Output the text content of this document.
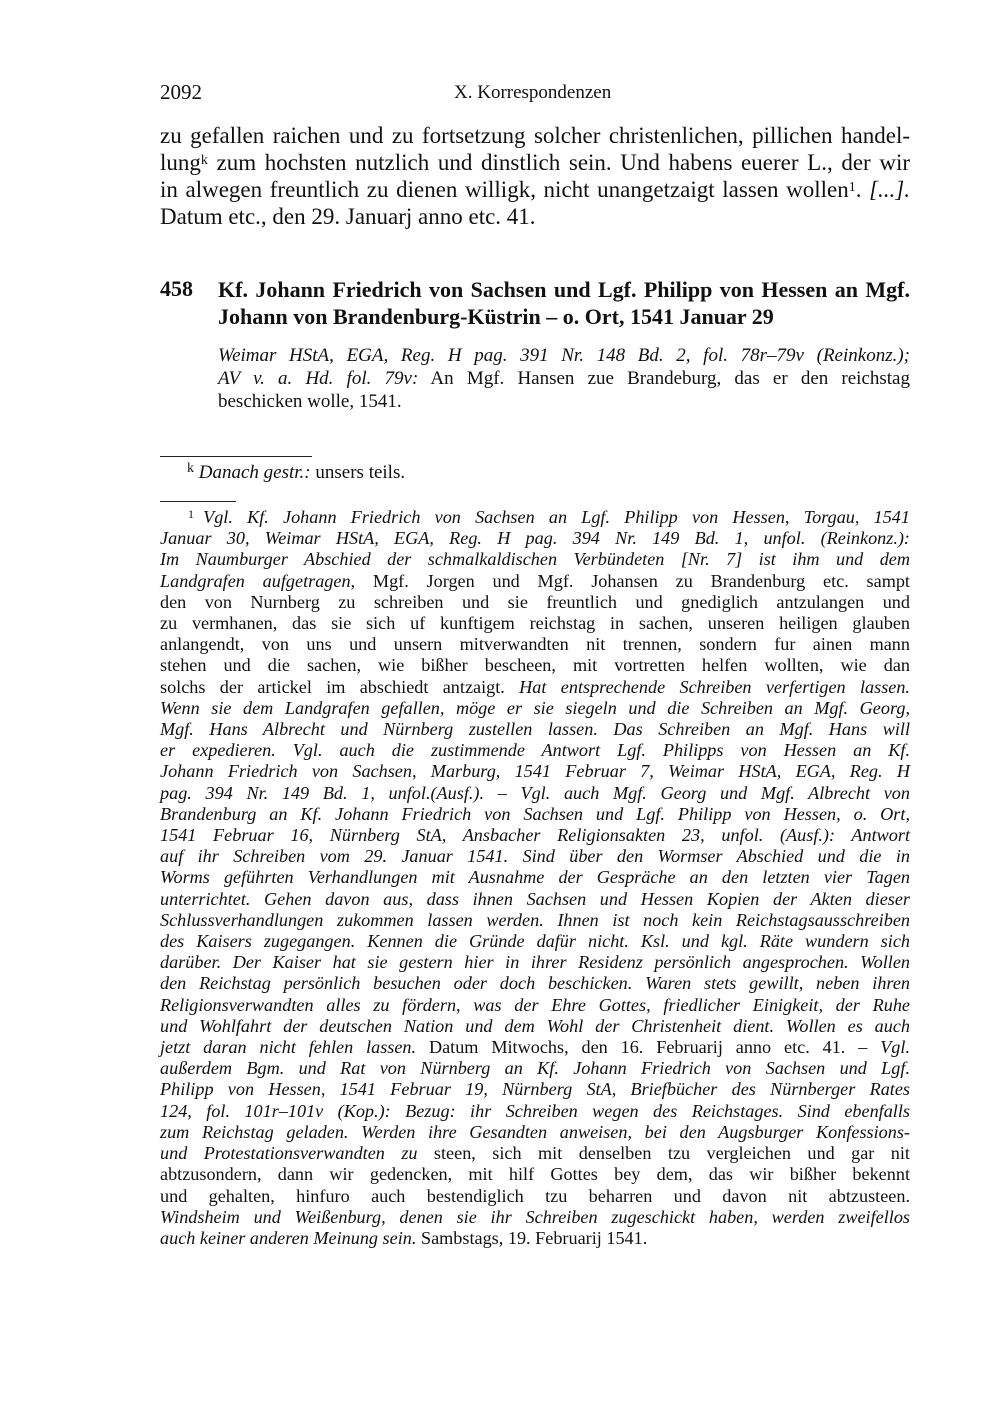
2092	X. Korrespondenzen
zu gefallen raichen und zu fortsetzung solcher christenlichen, pillichen handel-
lung$^k$ zum hochsten nutzlich und dinstlich sein. Und habens euerer L., der wir
in alwegen freuntlich zu dienen willigk, nicht unangetzaigt lassen wollen$^1$. [...].
Datum etc., den 29. Januarj anno etc. 41.
458 Kf. Johann Friedrich von Sachsen und Lgf. Philipp von Hessen an Mgf.
Johann von Brandenburg-Küstrin – o. Ort, 1541 Januar 29
Weimar HStA, EGA, Reg. H pag. 391 Nr. 148 Bd. 2, fol. 78r–79v (Reinkonz.);
AV v. a. Hd. fol. 79v: An Mgf. Hansen zue Brandeburg, das er den reichstag
beschicken wolle, 1541.
$^k$ Danach gestr.: unsers teils.
$^1$  Vgl. Kf. Johann Friedrich von Sachsen an Lgf. Philipp von Hessen, Torgau, 1541
Januar 30, Weimar HStA, EGA, Reg. H pag. 394 Nr. 149 Bd. 1, unfol. (Reinkonz.):
Im Naumburger Abschied der schmalkaldischen Verbündeten [Nr. 7] ist ihm und dem
Landgrafen aufgetragen, Mgf. Jorgen und Mgf. Johansen zu Brandenburg etc. sampt
den von Nurnberg zu schreiben und sie freuntlich und gnediglich antzulangen und
zu vermhanen, das sie sich uf kunftigem reichstag in sachen, unseren heiligen glauben
anlangendt, von uns und unsern mitverwandten nit trennen, sondern fur ainen mann
stehen und die sachen, wie bißher bescheen, mit vortretten helfen wollten, wie dan
solchs der artickel im abschiedt antzaigt. Hat entsprechende Schreiben verfertigen lassen.
Wenn sie dem Landgrafen gefallen, möge er sie siegeln und die Schreiben an Mgf. Georg,
Mgf. Hans Albrecht und Nürnberg zustellen lassen. Das Schreiben an Mgf. Hans will
er expedieren. Vgl. auch die zustimmende Antwort Lgf. Philipps von Hessen an Kf.
Johann Friedrich von Sachsen, Marburg, 1541 Februar 7, Weimar HStA, EGA, Reg. H
pag. 394 Nr. 149 Bd. 1, unfol.(Ausf.). – Vgl. auch Mgf. Georg und Mgf. Albrecht von
Brandenburg an Kf. Johann Friedrich von Sachsen und Lgf. Philipp von Hessen, o. Ort,
1541 Februar 16, Nürnberg StA, Ansbacher Religionsakten 23, unfol. (Ausf.): Antwort
auf ihr Schreiben vom 29. Januar 1541. Sind über den Wormser Abschied und die in
Worms geführten Verhandlungen mit Ausnahme der Gespräche an den letzten vier Tagen
unterrichtet. Gehen davon aus, dass ihnen Sachsen und Hessen Kopien der Akten dieser
Schlussverhandlungen zukommen lassen werden. Ihnen ist noch kein Reichstagsausschreiben
des Kaisers zugegangen. Kennen die Gründe dafür nicht. Ksl. und kgl. Räte wundern sich
darüber. Der Kaiser hat sie gestern hier in ihrer Residenz persönlich angesprochen. Wollen
den Reichstag persönlich besuchen oder doch beschicken. Waren stets gewillt, neben ihren
Religionsverwandten alles zu fördern, was der Ehre Gottes, friedlicher Einigkeit, der Ruhe
und Wohlfahrt der deutschen Nation und dem Wohl der Christenheit dient. Wollen es auch
jetzt daran nicht fehlen lassen. Datum Mitwochs, den 16. Februarij anno etc. 41. – Vgl.
außerdem Bgm. und Rat von Nürnberg an Kf. Johann Friedrich von Sachsen und Lgf.
Philipp von Hessen, 1541 Februar 19, Nürnberg StA, Briefbücher des Nürnberger Rates
124, fol. 101r–101v (Kop.): Bezug: ihr Schreiben wegen des Reichstages. Sind ebenfalls
zum Reichstag geladen. Werden ihre Gesandten anweisen, bei den Augsburger Konfessions-
und Protestationsverwandten zu steen, sich mit denselben tzu vergleichen und gar nit
abtzusondern, dann wir gedencken, mit hilf Gottes bey dem, das wir bißher bekennt
und gehalten, hinfuro auch bestendiglich tzu beharren und davon nit abtzusteen.
Windsheim und Weißenburg, denen sie ihr Schreiben zugeschickt haben, werden zweifellos
auch keiner anderen Meinung sein. Sambstags, 19. Februarij 1541.
